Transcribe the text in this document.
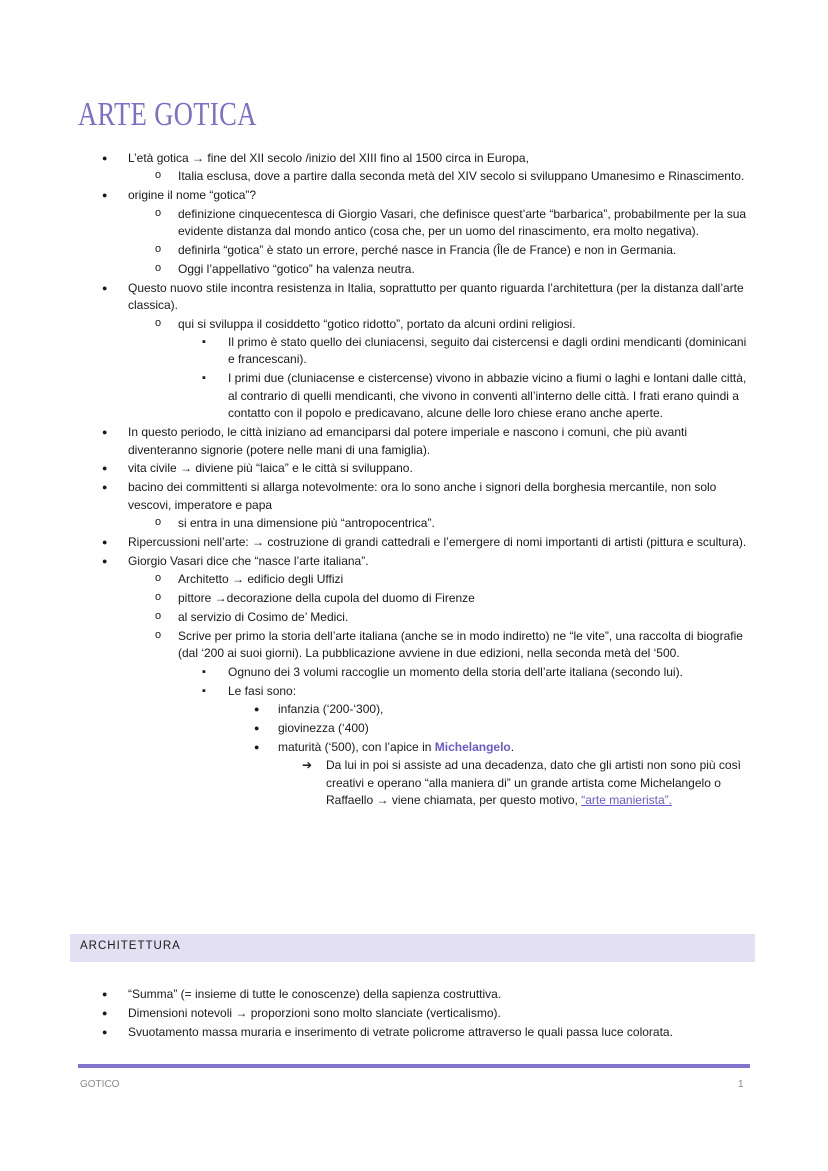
ARTE GOTICA
● L’età gotica → fine del XII secolo /inizio del XIII fino al 1500 circa in Europa,
o Italia esclusa, dove a partire dalla seconda metà del XIV secolo si sviluppano Umanesimo e Rinascimento.
● origine il nome “gotica”?
o definizione cinquecentesca di Giorgio Vasari, che definisce quest’arte “barbarica”, probabilmente per la sua evidente distanza dal mondo antico (cosa che, per un uomo del rinascimento, era molto negativa).
o definirla “gotica” è stato un errore, perché nasce in Francia (Île de France) e non in Germania.
o Oggi l’appellativo “gotico” ha valenza neutra.
● Questo nuovo stile incontra resistenza in Italia, soprattutto per quanto riguarda l’architettura (per la distanza dall’arte classica).
o qui si sviluppa il cosiddetto “gotico ridotto”, portato da alcuni ordini religiosi.
▪ Il primo è stato quello dei cluniacensi, seguito dai cistercensi e dagli ordini mendicanti (dominicani e francescani).
▪ I primi due (cluniacense e cistercense) vivono in abbazie vicino a fiumi o laghi e lontani dalle città, al contrario di quelli mendicanti, che vivono in conventi all’interno delle città. I frati erano quindi a contatto con il popolo e predicavano, alcune delle loro chiese erano anche aperte.
● In questo periodo, le città iniziano ad emanciparsi dal potere imperiale e nascono i comuni, che più avanti diventeranno signorie (potere nelle mani di una famiglia).
● vita civile → diviene più “laica” e le città si sviluppano.
● bacino dei committenti si allarga notevolmente: ora lo sono anche i signori della borghesia mercantile, non solo vescovi, imperatore e papa
o si entra in una dimensione più “antropocentrica”.
● Ripercussioni nell’arte: → costruzione di grandi cattedrali e l’emergere di nomi importanti di artisti (pittura e scultura).
● Giorgio Vasari dice che “nasce l’arte italiana”.
o Architetto → edificio degli Uffizi
o pittore →decorazione della cupola del duomo di Firenze
o al servizio di Cosimo de’ Medici.
o Scrive per primo la storia dell’arte italiana (anche se in modo indiretto) ne “le vite”, una raccolta di biografie (dal ‘200 ai suoi giorni). La pubblicazione avviene in due edizioni, nella seconda metà del ‘500.
▪ Ognuno dei 3 volumi raccoglie un momento della storia dell’arte italiana (secondo lui).
▪ Le fasi sono:
● infanzia (‘200-‘300),
● giovinezza (‘400)
● maturità (‘500), con l’apice in Michelangelo.
➔ Da lui in poi si assiste ad una decadenza, dato che gli artisti non sono più così creativi e operano “alla maniera di” un grande artista come Michelangelo o Raffaello → viene chiamata, per questo motivo, “arte manierista”.
ARCHITETTURA
● “Summa” (= insieme di tutte le conoscenze) della sapienza costruttiva.
● Dimensioni notevoli → proporzioni sono molto slanciate (verticalismo).
● Svuotamento massa muraria e inserimento di vetrate policrome attraverso le quali passa luce colorata.
GOTICO	1
